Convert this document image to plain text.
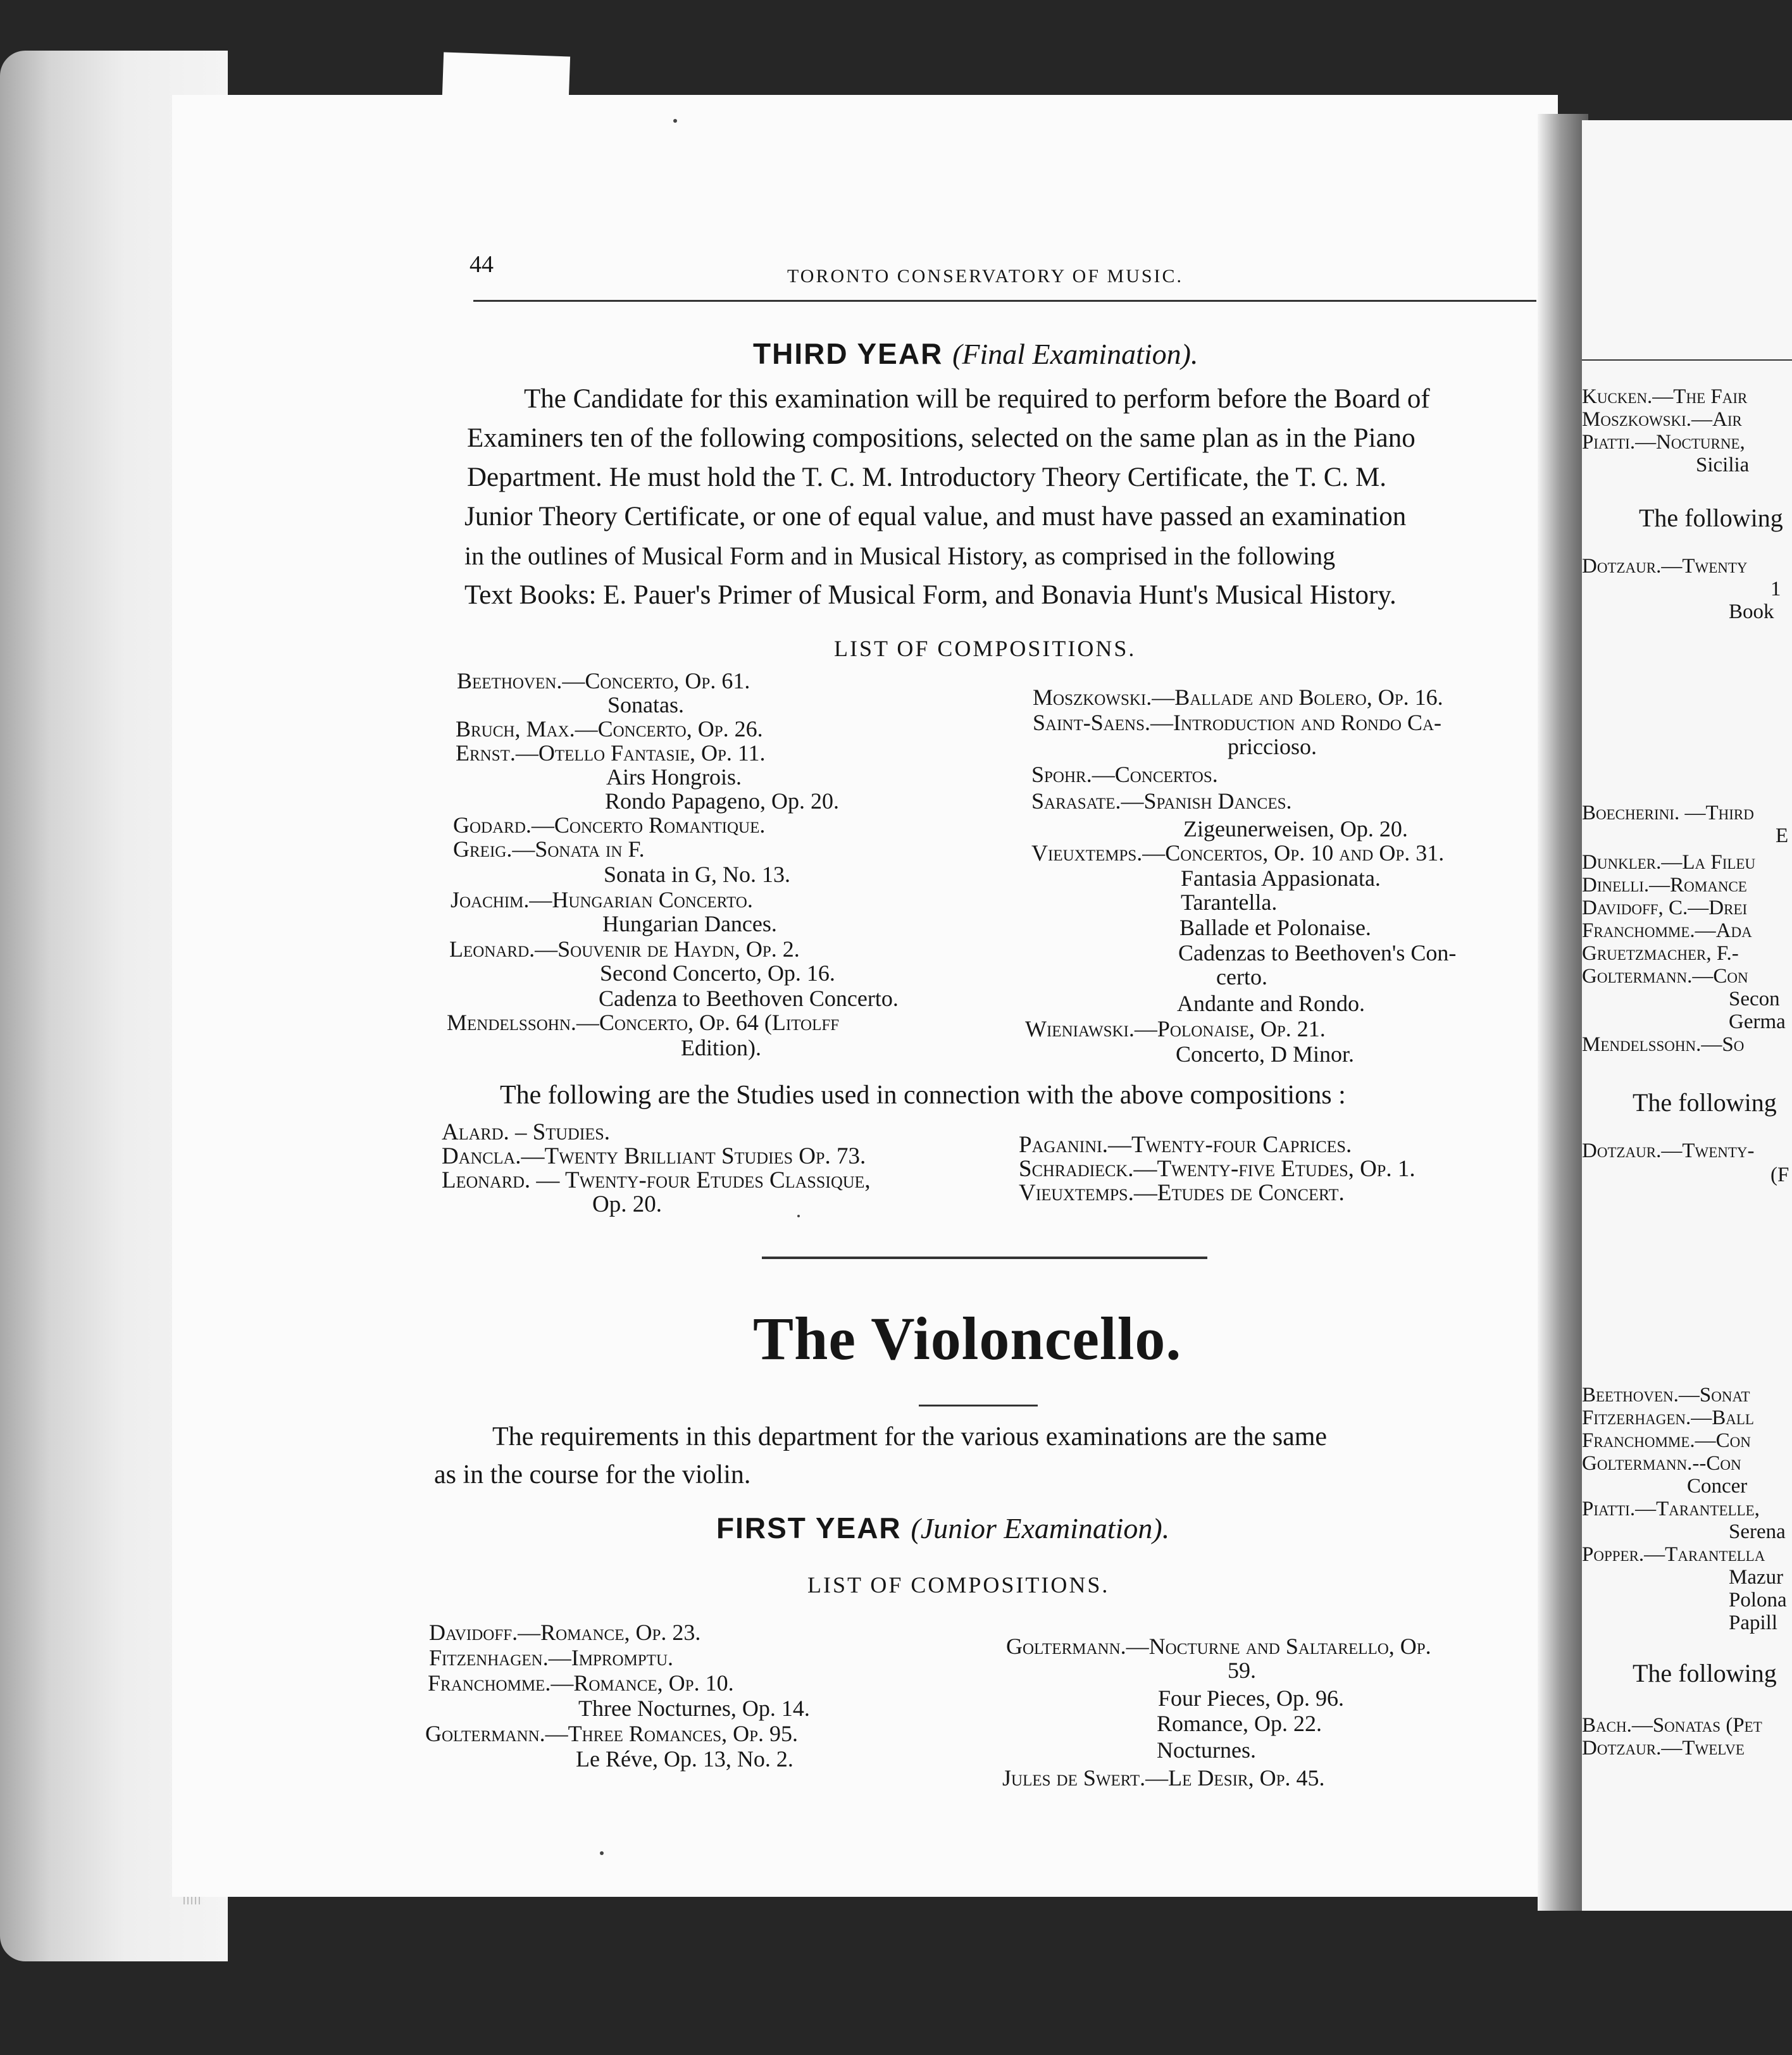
Kucken.—The Fair
Moszkowski.—Air
Piatti.—Nocturne,
Sicilia
The following
Dotzaur.—Twenty
1
Book
Boecherini. —Third
E
Dunkler.—La Fileu
Dinelli.—Romance
Davidoff, C.—Drei
Franchomme.—Ada
Gruetzmacher, F.-
Goltermann.—Con
Secon
Germa
Mendelssohn.—So
The following
Dotzaur.—Twenty-
(F
Beethoven.—Sonat
Fitzerhagen.—Ball
Franchomme.—Con
Goltermann.--Con
Concer
Piatti.—Tarantelle,
Serena
Popper.—Tarantella
Mazur
Polona
Papill
The following
Bach.—Sonatas (Pet
Dotzaur.—Twelve
44	TORONTO CONSERVATORY OF MUSIC.
THIRD YEAR (Final Examination).
The Candidate for this examination will be required to perform before the Board of
Examiners ten of the following compositions, selected on the same plan as in the Piano
Department. He must hold the T. C. M. Introductory Theory Certificate, the T. C. M.
Junior Theory Certificate, or one of equal value, and must have passed an examination
in the outlines of Musical Form and in Musical History, as comprised in the following
Text Books: E. Pauer's Primer of Musical Form, and Bonavia Hunt's Musical History.
LIST OF COMPOSITIONS.
Beethoven.—Concerto, Op. 61.
Sonatas.
Bruch, Max.—Concerto, Op. 26.
Ernst.—Otello Fantasie, Op. 11.
Airs Hongrois.
Rondo Papageno, Op. 20.
Godard.—Concerto Romantique.
Greig.—Sonata in F.
Sonata in G, No. 13.
Joachim.—Hungarian Concerto.
Hungarian Dances.
Leonard.—Souvenir de Haydn, Op. 2.
Second Concerto, Op. 16.
Cadenza to Beethoven Concerto.
Mendelssohn.—Concerto, Op. 64 (Litolff
Edition).
Moszkowski.—Ballade and Bolero, Op. 16.
Saint-Saens.—Introduction and Rondo Ca-
priccioso.
Spohr.—Concertos.
Sarasate.—Spanish Dances.
Zigeunerweisen, Op. 20.
Vieuxtemps.—Concertos, Op. 10 and Op. 31.
Fantasia Appasionata.
Tarantella.
Ballade et Polonaise.
Cadenzas to Beethoven's Con-
certo.
Andante and Rondo.
Wieniawski.—Polonaise, Op. 21.
Concerto, D Minor.
The following are the Studies used in connection with the above compositions :
Alard. – Studies.
Dancla.—Twenty Brilliant Studies Op. 73.
Leonard. — Twenty-four Etudes Classique,
Op. 20.
Paganini.—Twenty-four Caprices.
Schradieck.—Twenty-five Etudes, Op. 1.
Vieuxtemps.—Etudes de Concert.
The Violoncello.
The requirements in this department for the various examinations are the same
as in the course for the violin.
FIRST YEAR (Junior Examination).
LIST OF COMPOSITIONS.
Davidoff.—Romance, Op. 23.
Fitzenhagen.—Impromptu.
Franchomme.—Romance, Op. 10.
Three Nocturnes, Op. 14.
Goltermann.—Three Romances, Op. 95.
Le Réve, Op. 13, No. 2.
Goltermann.—Nocturne and Saltarello, Op.
59.
Four Pieces, Op. 96.
Romance, Op. 22.
Nocturnes.
Jules de Swert.—Le Desir, Op. 45.
